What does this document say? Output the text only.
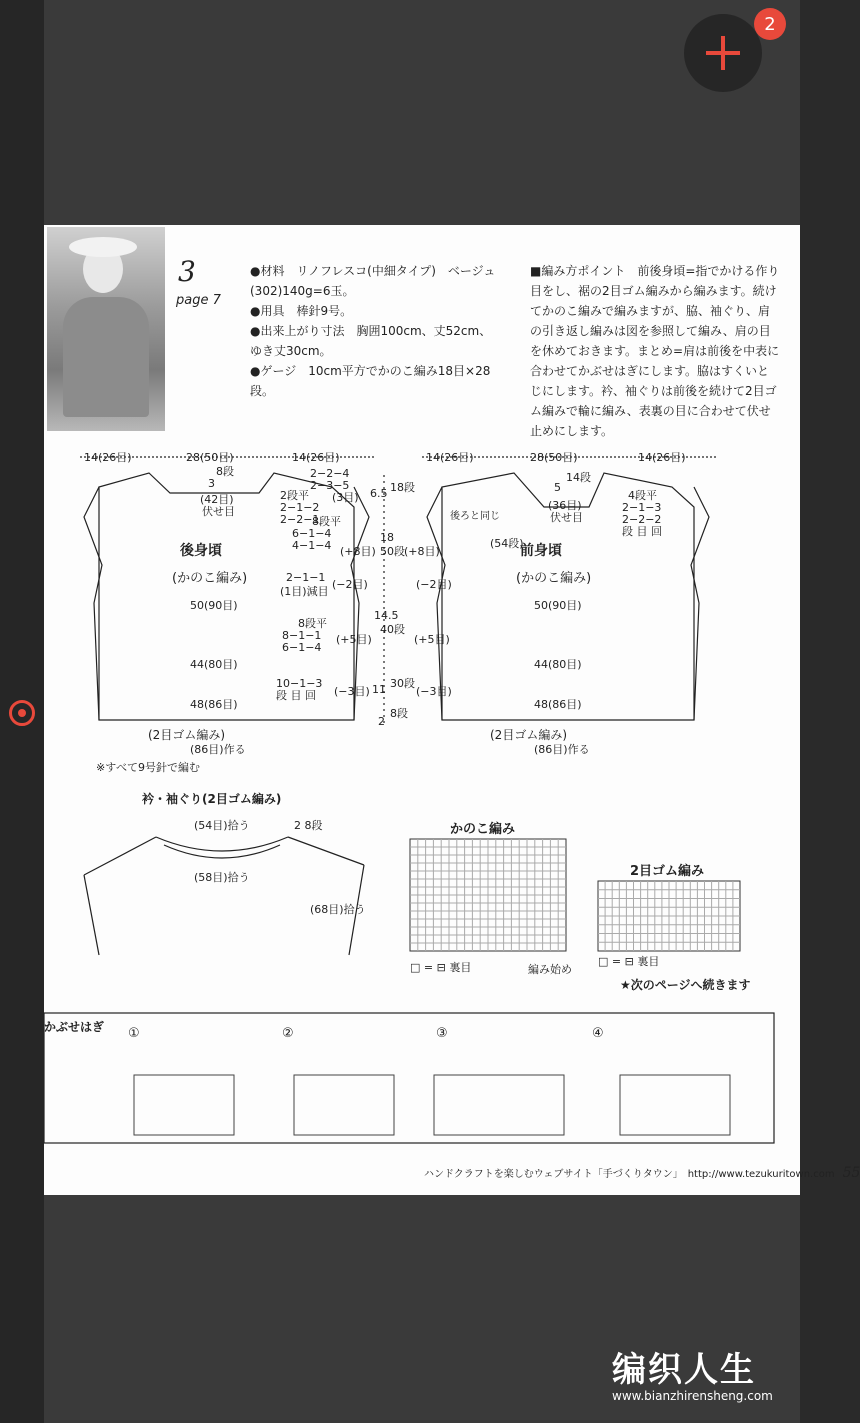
2
3
page 7
●材料　リノフレスコ(中細タイプ)　ベージュ(302)140g=6玉。
●用具　棒針9号。
●出来上がり寸法　胸囲100cm、丈52cm、ゆき丈30cm。
●ゲージ　10cm平方でかのこ編み18目×28段。
■編み方ポイント　前後身頃=指でかける作り目をし、裾の2目ゴム編みから編みます。続けてかのこ編みで編みますが、脇、袖ぐり、肩の引き返し編みは図を参照して編み、肩の目を休めておきます。まとめ=肩は前後を中表に合わせてかぶせはぎにします。脇はすくいとじにします。衿、袖ぐりは前後を続けて2目ゴム編みで輪に編み、表裏の目に合わせて伏せ止めにします。
14(26目)	28(50目)	14(26目)
3
8段
(42目)
伏せ目
2−2−4
2−3−5
(3目)
2段平
2−1−2
2−2−1
8段平
6−1−4
4−1−4
後身頃
(かのこ編み)
(+8目)
2−1−1
(1目)減目
(−2目)
8段平
8−1−1
6−1−4
(+5目)
10−1−3
段 目 回 (−3目)
50(90目)
44(80目)
48(86目)
(2目ゴム編み)
(86目)作る
6.5 18段
18
50段
14.5
40段
11 30段
2
8段
14(26目)	28(50目)	14(26目)
5
14段
(36目)
伏せ目
(54段)
4段平
2−1−3
2−2−2
段 目 回
前身頃
(かのこ編み)
後ろと同じ
(+8目)
(−2目)
(+5目)
(−3目)
50(90目)
44(80目)
48(86目)
(2目ゴム編み)
(86目)作る
※すべて9号針で編む
衿・袖ぐり(2目ゴム編み)
(54目)拾う
(58目)拾う
2 8段
(68目)拾う
かのこ編み
□ = ⊟ 裏目	編み始め
2目ゴム編み
□ = ⊟ 裏目
★次のページへ続きます
かぶせはぎ ①	②	③	④
ハンドクラフトを楽しむウェブサイト「手づくりタウン」　http://www.tezukuritown.com 55
编织人生
www.bianzhirensheng.com
